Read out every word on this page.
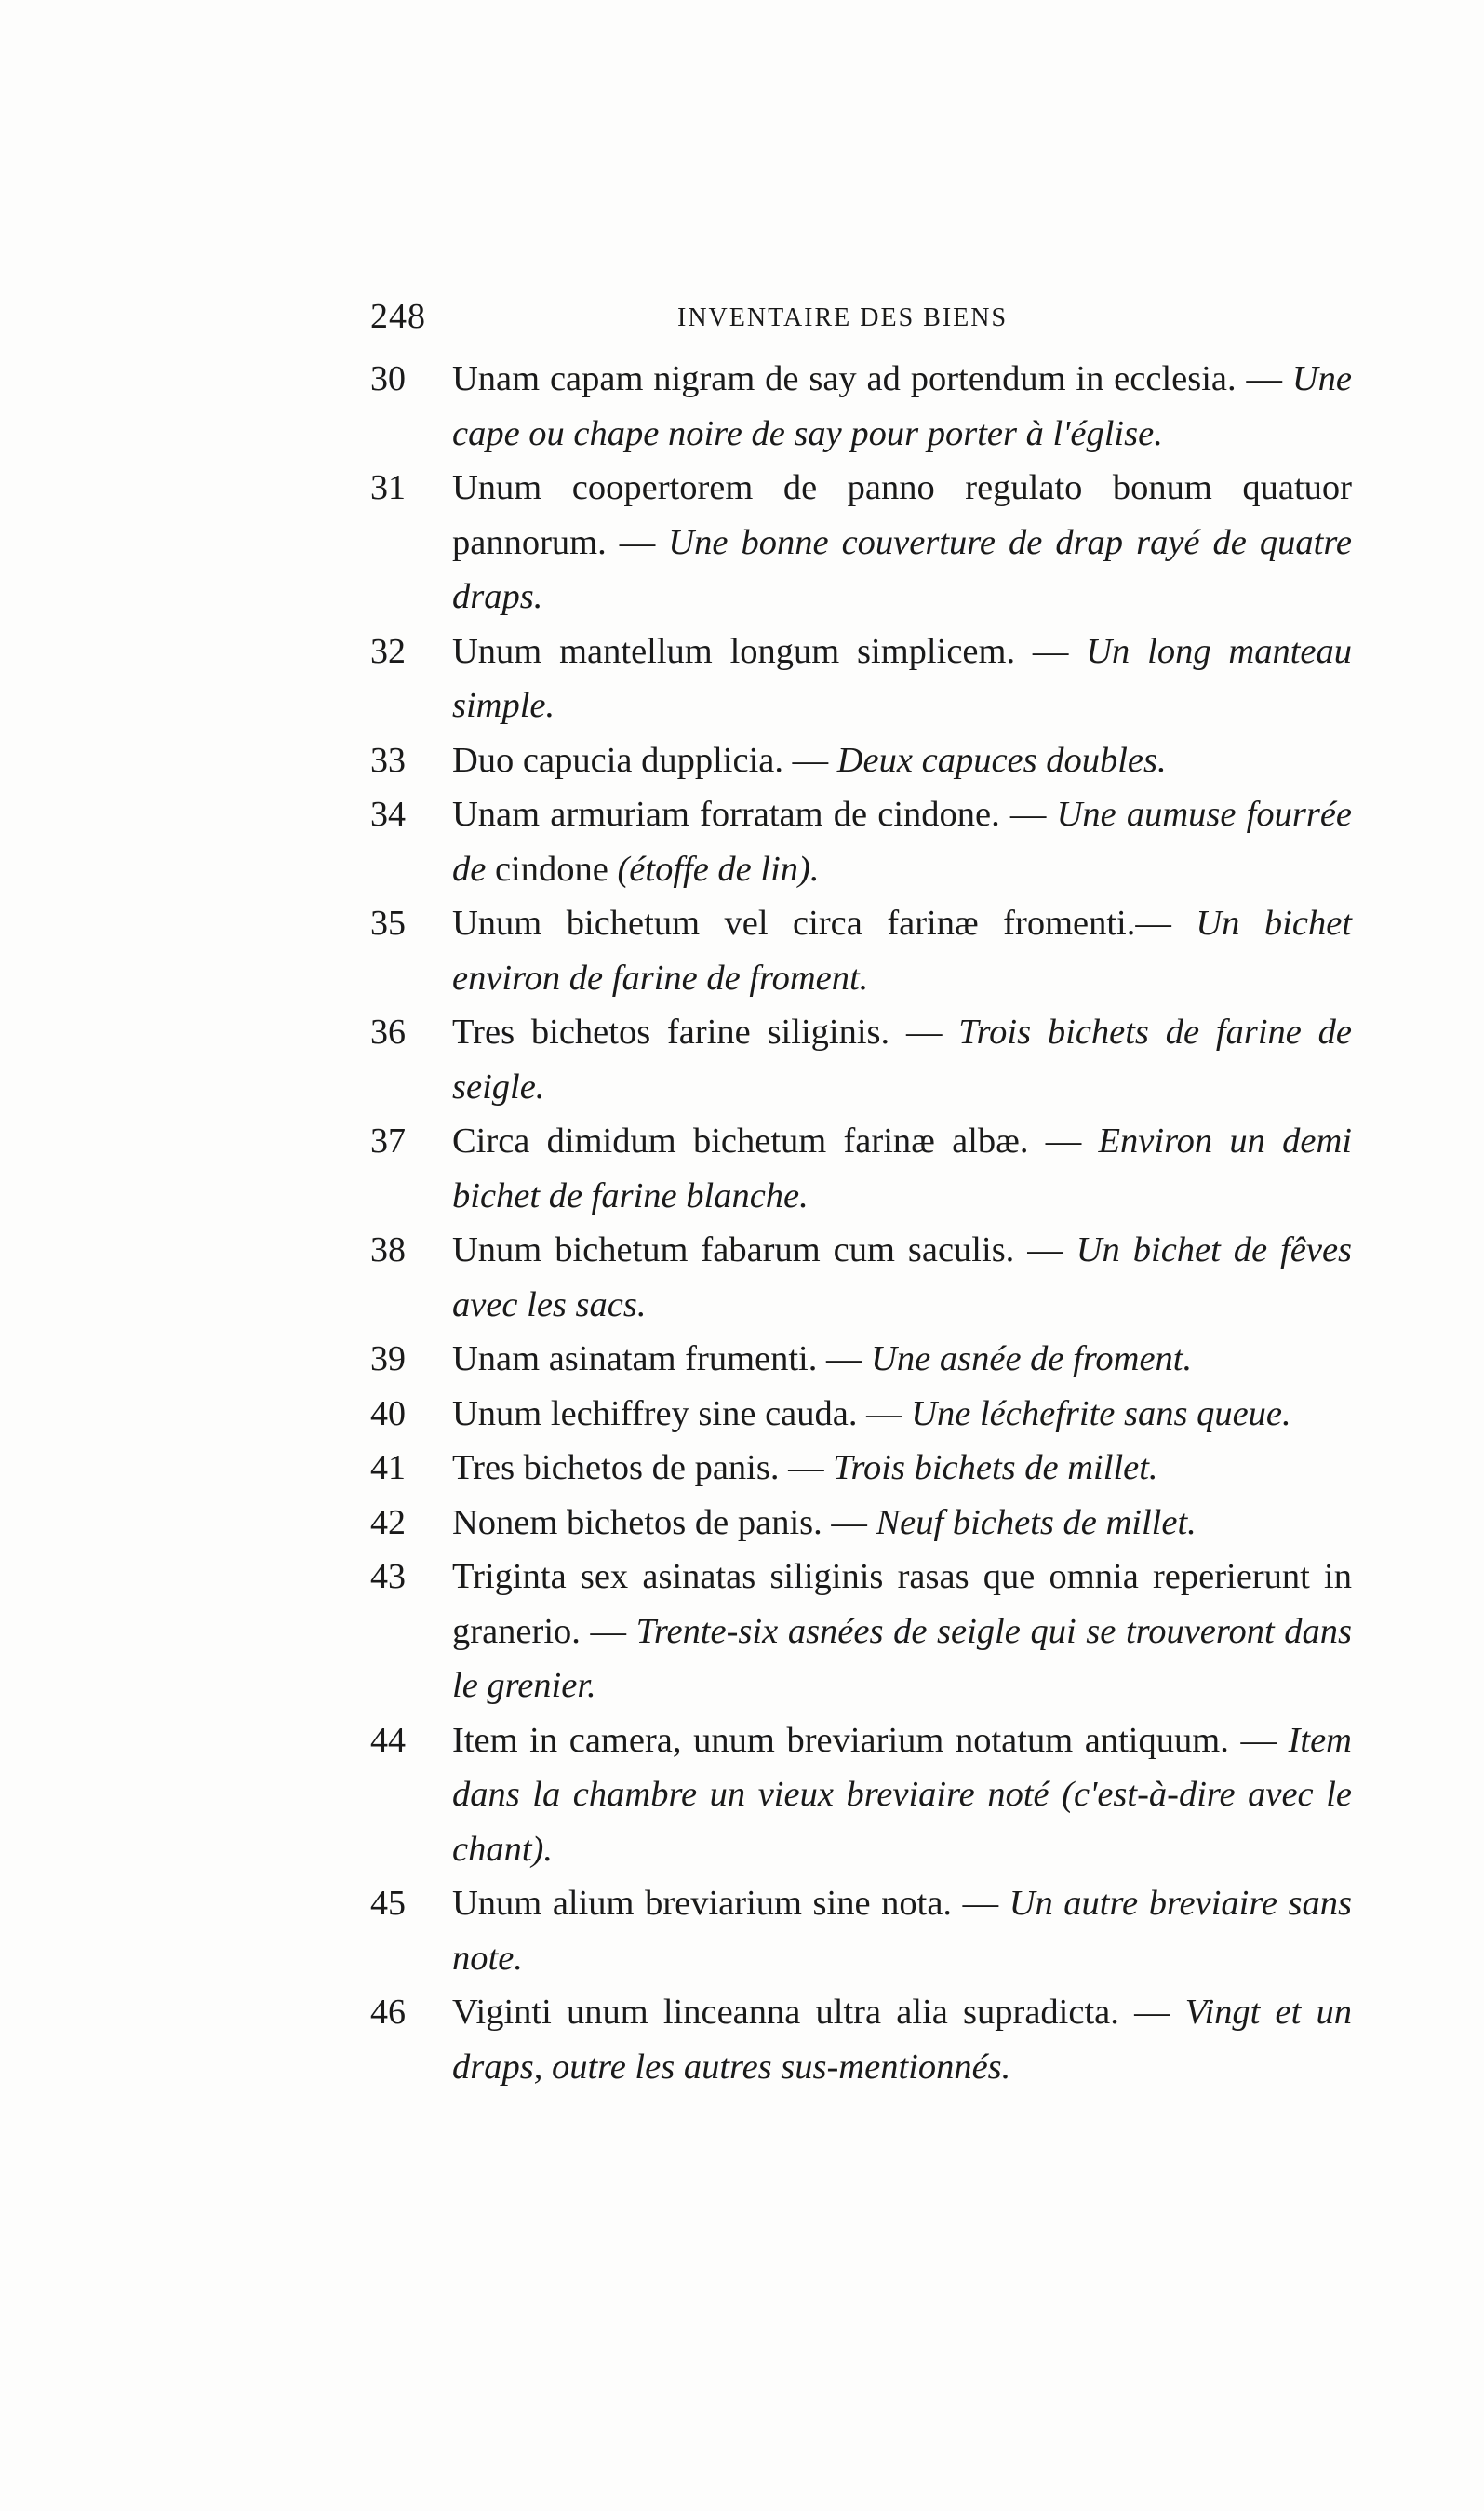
248	INVENTAIRE DES BIENS
30	Unam capam nigram de say ad portendum in ecclesia. — Une cape ou chape noire de say pour porter à l'église.
31	Unum coopertorem de panno regulato bonum quatuor pannorum. — Une bonne couverture de drap rayé de quatre draps.
32	Unum mantellum longum simplicem. — Un long manteau simple.
33	Duo capucia dupplicia. — Deux capuces doubles.
34	Unam armuriam forratam de cindone. — Une aumuse fourrée de cindone (étoffe de lin).
35	Unum bichetum vel circa farinæ fromenti.— Un bichet environ de farine de froment.
36	Tres bichetos farine siliginis. — Trois bichets de farine de seigle.
37	Circa dimidum bichetum farinæ albæ. — Environ un demi bichet de farine blanche.
38	Unum bichetum fabarum cum saculis. — Un bichet de fêves avec les sacs.
39	Unam asinatam frumenti. — Une asnée de froment.
40	Unum lechiffrey sine cauda. — Une léchefrite sans queue.
41	Tres bichetos de panis. — Trois bichets de millet.
42	Nonem bichetos de panis. — Neuf bichets de millet.
43	Triginta sex asinatas siliginis rasas que omnia reperierunt in granerio. — Trente-six asnées de seigle qui se trouveront dans le grenier.
44	Item in camera, unum breviarium notatum antiquum. — Item dans la chambre un vieux breviaire noté (c'est-à-dire avec le chant).
45	Unum alium breviarium sine nota. — Un autre breviaire sans note.
46	Viginti unum linceanna ultra alia supradicta. — Vingt et un draps, outre les autres sus-mentionnés.
